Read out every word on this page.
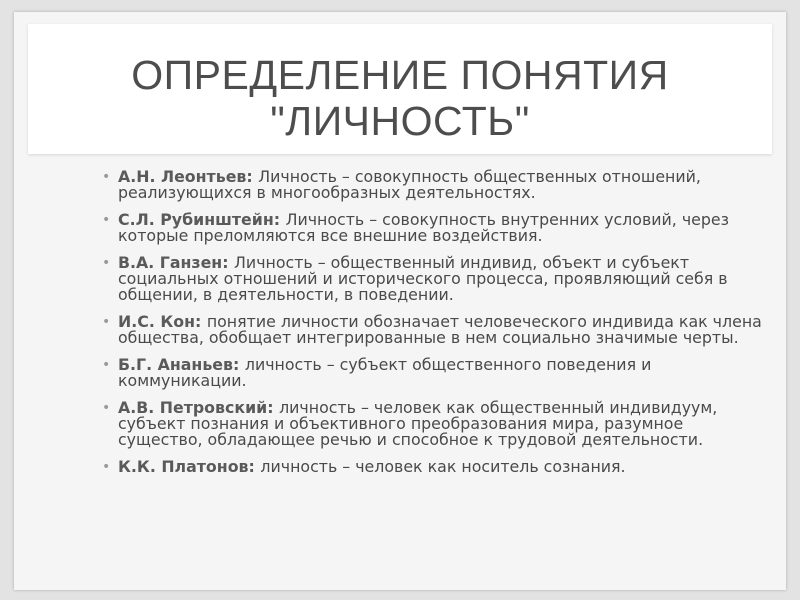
ОПРЕДЕЛЕНИЕ ПОНЯТИЯ
"ЛИЧНОСТЬ"
• А.Н. Леонтьев: Личность – совокупность общественных отношений, реализующихся в многообразных деятельностях.
• С.Л. Рубинштейн: Личность – совокупность внутренних условий, через которые преломляются все внешние воздействия.
• В.А. Ганзен: Личность – общественный индивид, объект и субъект социальных отношений и исторического процесса, проявляющий себя в общении, в деятельности, в поведении.
• И.С. Кон: понятие личности обозначает человеческого индивида как члена общества, обобщает интегрированные в нем социально значимые черты.
• Б.Г. Ананьев: личность – субъект общественного поведения и коммуникации.
• А.В. Петровский: личность – человек как общественный индивидуум, субъект познания и объективного преобразования мира, разумное существо, обладающее речью и способное к трудовой деятельности.
• К.К. Платонов: личность – человек как носитель сознания.
